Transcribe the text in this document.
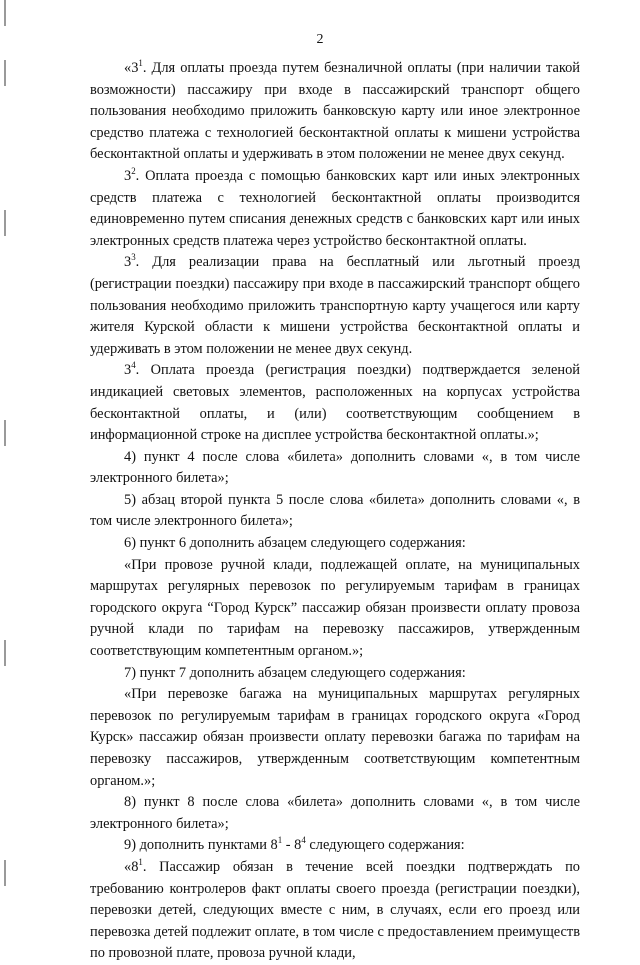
2

«$3^1$. Для оплаты проезда путем безналичной оплаты (при наличии такой возможности) пассажиру при входе в пассажирский транспорт общего пользования необходимо приложить банковскую карту или иное электронное средство платежа с технологией бесконтактной оплаты к мишени устройства бесконтактной оплаты и удерживать в этом положении не менее двух секунд.

$3^2$. Оплата проезда с помощью банковских карт или иных электронных средств платежа с технологией бесконтактной оплаты производится единовременно путем списания денежных средств с банковских карт или иных электронных средств платежа через устройство бесконтактной оплаты.

$3^3$. Для реализации права на бесплатный или льготный проезд (регистрации поездки) пассажиру при входе в пассажирский транспорт общего пользования необходимо приложить транспортную карту учащегося или карту жителя Курской области к мишени устройства бесконтактной оплаты и удерживать в этом положении не менее двух секунд.

$3^4$. Оплата проезда (регистрация поездки) подтверждается зеленой индикацией световых элементов, расположенных на корпусах устройства бесконтактной оплаты, и (или) соответствующим сообщением в информационной строке на дисплее устройства бесконтактной оплаты.»;

4) пункт 4 после слова «билета» дополнить словами «, в том числе электронного билета»;

5) абзац второй пункта 5 после слова «билета» дополнить словами «, в том числе электронного билета»;

6) пункт 6 дополнить абзацем следующего содержания:

«При провозе ручной клади, подлежащей оплате, на муниципальных маршрутах регулярных перевозок по регулируемым тарифам в границах городского округа “Город Курск” пассажир обязан произвести оплату провоза ручной клади по тарифам на перевозку пассажиров, утвержденным соответствующим компетентным органом.»;

7) пункт 7 дополнить абзацем следующего содержания:

«При перевозке багажа на муниципальных маршрутах регулярных перевозок по регулируемым тарифам в границах городского округа «Город Курск» пассажир обязан произвести оплату перевозки багажа по тарифам на перевозку пассажиров, утвержденным соответствующим компетентным органом.»;

8) пункт 8 после слова «билета» дополнить словами «, в том числе электронного билета»;

9) дополнить пунктами $8^1 - 8^4$ следующего содержания:

«$8^1$. Пассажир обязан в течение всей поездки подтверждать по требованию контролеров факт оплаты своего проезда (регистрации поездки), перевозки детей, следующих вместе с ним, в случаях, если его проезд или перевозка детей подлежит оплате, в том числе с предоставлением преимуществ по провозной плате, провоза ручной клади,
